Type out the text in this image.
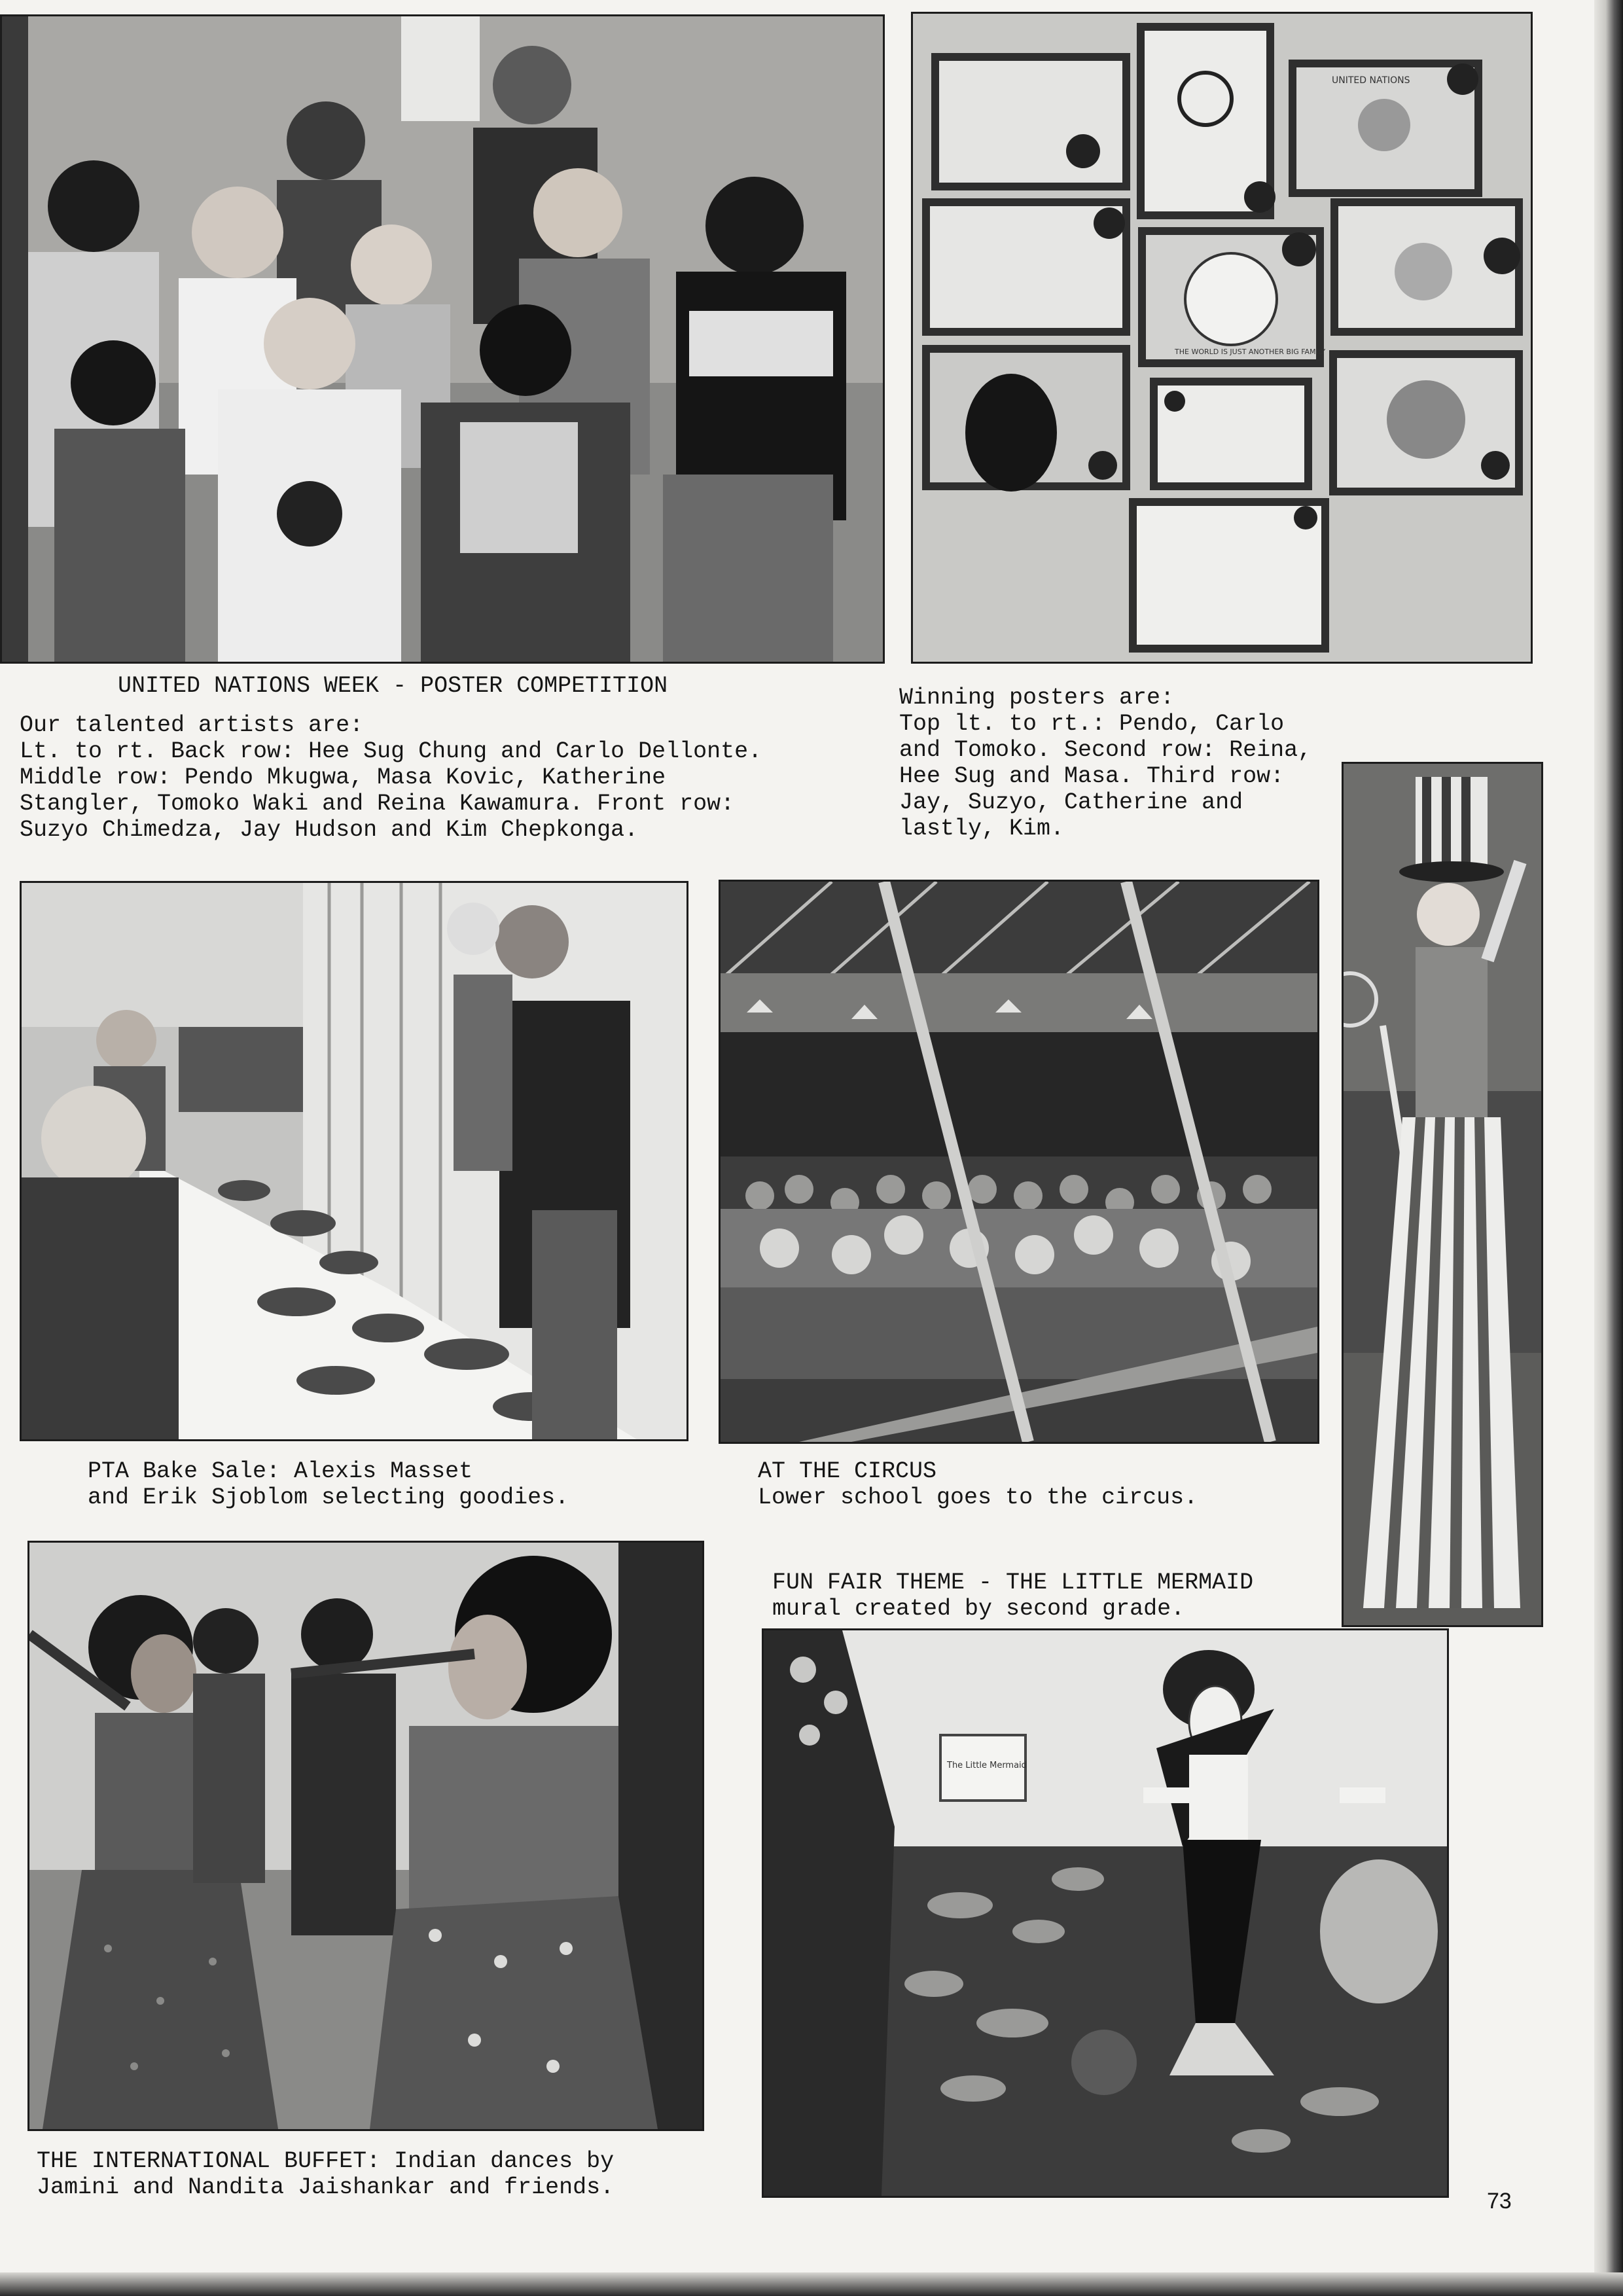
UNITED NATIONS
THE WORLD IS JUST ANOTHER BIG FAMILY

UNITED NATIONS WEEK - POSTER COMPETITION

Our talented artists are:

Lt. to rt. Back row: Hee Sug Chung and Carlo Dellonte.

Middle row: Pendo Mkugwa, Masa Kovic, Katherine

Stangler, Tomoko Waki and Reina Kawamura. Front row:

Suzyo Chimedza, Jay Hudson and Kim Chepkonga.

Winning posters are:

Top lt. to rt.: Pendo, Carlo

and Tomoko. Second row: Reina,

Hee Sug and Masa. Third row:

Jay, Suzyo, Catherine and

lastly, Kim.

PTA Bake Sale: Alexis Masset

and Erik Sjoblom selecting goodies.

AT THE CIRCUS

Lower school goes to the circus.

FUN FAIR THEME - THE LITTLE MERMAID

mural created by second grade.

THE INTERNATIONAL BUFFET: Indian dances by

Jamini and Nandita Jaishankar and friends.

The Little Mermaid

73
